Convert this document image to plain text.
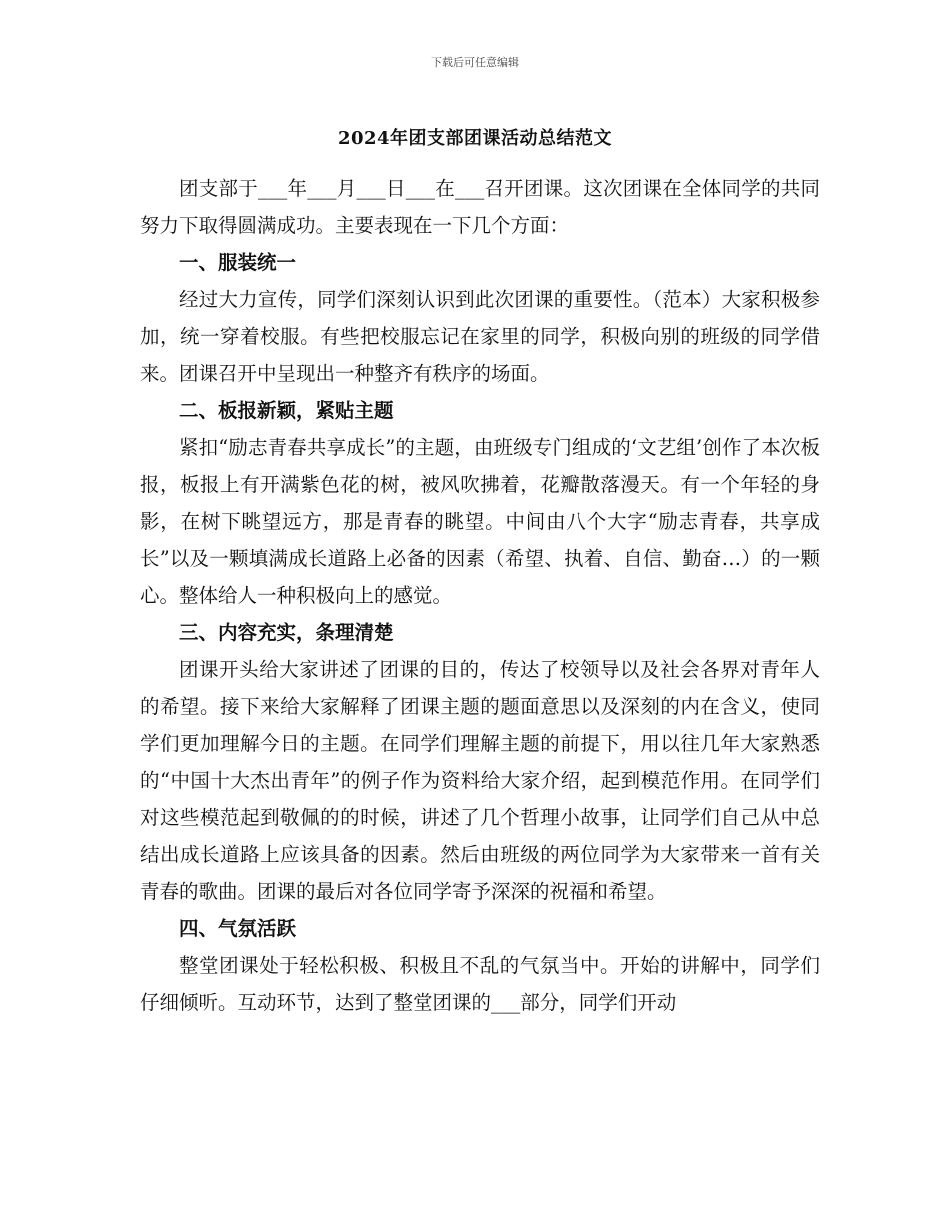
下载后可任意编辑
2024年团支部团课活动总结范文

团支部于___年___月___日___在___召开团课。这次团课在全体同学的共同努力下取得圆满成功。主要表现在一下几个方面：

一、服装统一

经过大力宣传，同学们深刻认识到此次团课的重要性。（范本）大家积极参加，统一穿着校服。有些把校服忘记在家里的同学，积极向别的班级的同学借来。团课召开中呈现出一种整齐有秩序的场面。

二、板报新颖，紧贴主题

紧扣“励志青春共享成长”的主题，由班级专门组成的‘文艺组’创作了本次板报，板报上有开满紫色花的树，被风吹拂着，花瓣散落漫天。有一个年轻的身影，在树下眺望远方，那是青春的眺望。中间由八个大字“励志青春，共享成长”以及一颗填满成长道路上必备的因素（希望、执着、自信、勤奋…）的一颗心。整体给人一种积极向上的感觉。

三、内容充实，条理清楚

团课开头给大家讲述了团课的目的，传达了校领导以及社会各界对青年人的希望。接下来给大家解释了团课主题的题面意思以及深刻的内在含义，使同学们更加理解今日的主题。在同学们理解主题的前提下，用以往几年大家熟悉的“中国十大杰出青年”的例子作为资料给大家介绍，起到模范作用。在同学们对这些模范起到敬佩的的时候，讲述了几个哲理小故事，让同学们自己从中总结出成长道路上应该具备的因素。然后由班级的两位同学为大家带来一首有关青春的歌曲。团课的最后对各位同学寄予深深的祝福和希望。

四、气氛活跃

整堂团课处于轻松积极、积极且不乱的气氛当中。开始的讲解中，同学们仔细倾听。互动环节，达到了整堂团课的___部分，同学们开动
